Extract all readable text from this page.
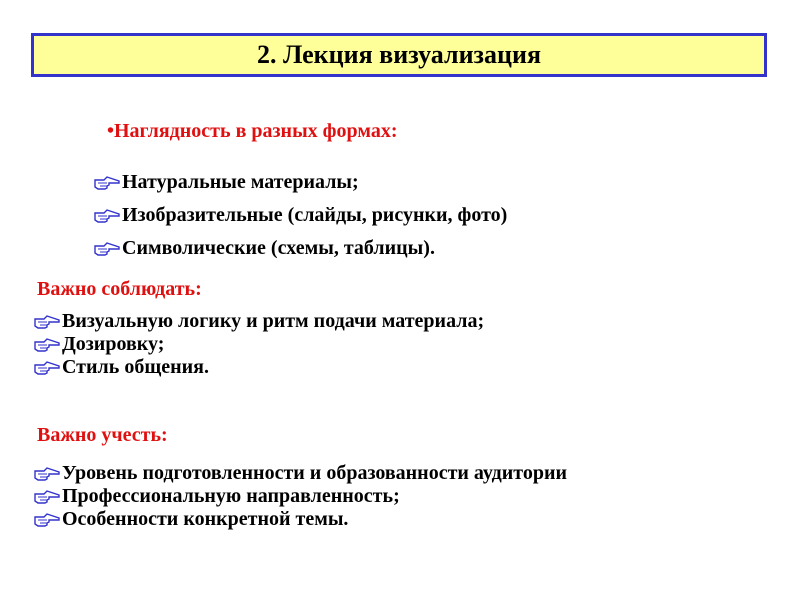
2. Лекция визуализация
•Наглядность в разных формах:
Натуральные материалы;
Изобразительные (слайды, рисунки, фото)
Символические (схемы, таблицы).
Важно соблюдать:
Визуальную логику и ритм подачи материала;
Дозировку;
Стиль общения.
Важно учесть:
Уровень подготовленности и образованности аудитории
Профессиональную направленность;
Особенности конкретной темы.
